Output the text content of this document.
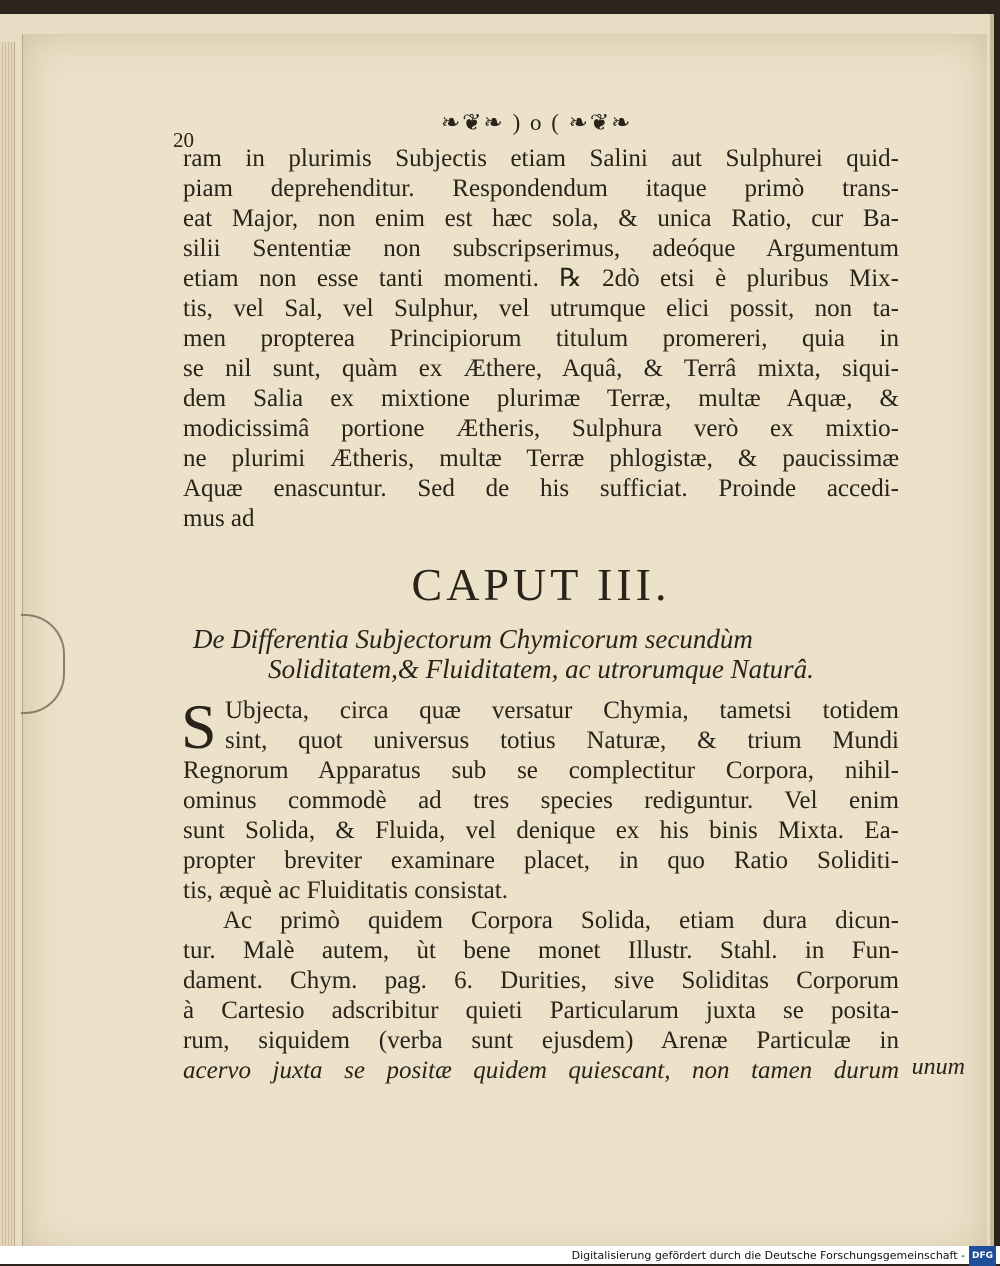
20
❧❦❧ ) o ( ❧❦❧
ram in plurimis Subjectis etiam Salini aut Sulphurei quid-
piam deprehenditur. Respondendum itaque primò trans-
eat Major, non enim est hæc sola, & unica Ratio, cur Ba-
silii Sententiæ non subscripserimus, adeóque Argumentum
etiam non esse tanti momenti. ℞ 2dò etsi è pluribus Mix-
tis, vel Sal, vel Sulphur, vel utrumque elici possit, non ta-
men propterea Principiorum titulum promereri, quia in
se nil sunt, quàm ex Æthere, Aquâ, & Terrâ mixta, siqui-
dem Salia ex mixtione plurimæ Terræ, multæ Aquæ, &
modicissimâ portione Ætheris, Sulphura verò ex mixtio-
ne plurimi Ætheris, multæ Terræ phlogistæ, & paucissimæ
Aquæ enascuntur. Sed de his sufficiat. Proinde accedi-
mus ad
CAPUT III.
De Differentia Subjectorum Chymicorum secundùm
Soliditatem,& Fluiditatem, ac utrorumque Naturâ.
S Ubjecta, circa quæ versatur Chymia, tametsi totidem
sint, quot universus totius Naturæ, & trium Mundi
Regnorum Apparatus sub se complectitur Corpora, nihil-
ominus commodè ad tres species rediguntur. Vel enim
sunt Solida, & Fluida, vel denique ex his binis Mixta. Ea-
propter breviter examinare placet, in quo Ratio Soliditi-
tis, æquè ac Fluiditatis consistat.
Ac primò quidem Corpora Solida, etiam dura dicun-
tur. Malè autem, ùt bene monet Illustr. Stahl. in Fun-
dament. Chym. pag. 6. Durities, sive Soliditas Corporum
à Cartesio adscribitur quieti Particularum juxta se posita-
rum, siquidem (verba sunt ejusdem) Arenæ Particulæ in
acervo juxta se positæ quidem quiescant, non tamen durum unum
Digitalisierung gefördert durch die Deutsche Forschungsgemeinschaft - DFG
